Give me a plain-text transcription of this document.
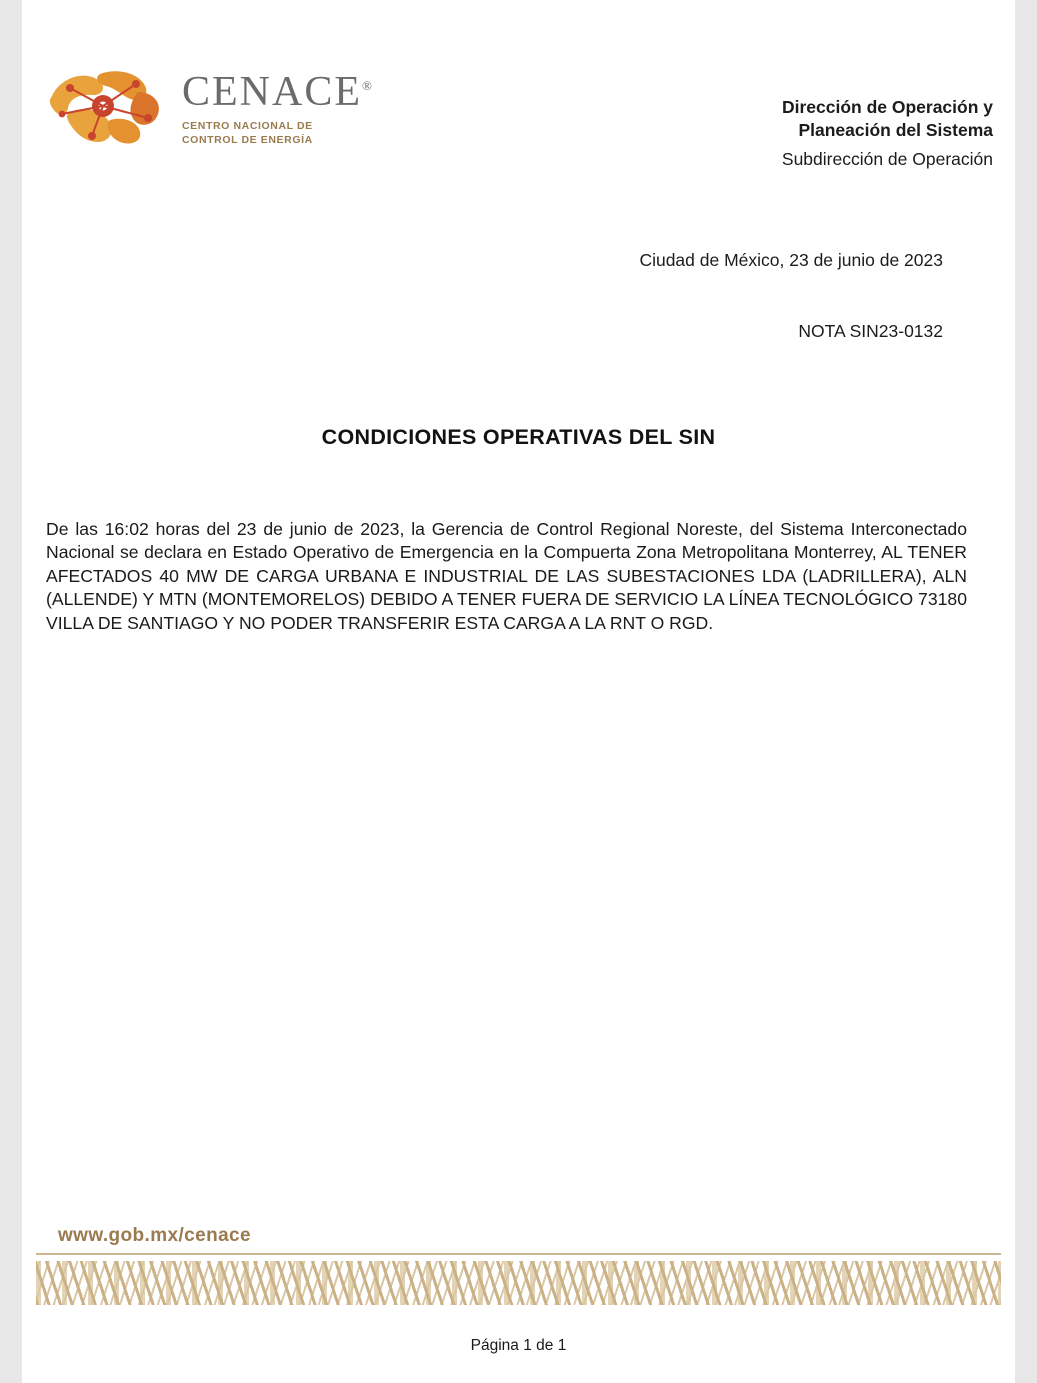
CENACE®
CENTRO NACIONAL DE
CONTROL DE ENERGÍA
Dirección de Operación y Planeación del Sistema
Subdirección de Operación
Ciudad de México, 23 de junio de 2023
NOTA SIN23-0132
CONDICIONES OPERATIVAS DEL SIN
De las 16:02 horas del 23 de junio de 2023, la Gerencia de Control Regional Noreste, del Sistema Interconectado Nacional se declara en Estado Operativo de Emergencia en la Compuerta Zona Metropolitana Monterrey, AL TENER AFECTADOS 40 MW DE CARGA URBANA E INDUSTRIAL DE LAS SUBESTACIONES LDA (LADRILLERA), ALN (ALLENDE) Y MTN (MONTEMORELOS) DEBIDO A TENER FUERA DE SERVICIO LA LÍNEA TECNOLÓGICO 73180 VILLA DE SANTIAGO Y NO PODER TRANSFERIR ESTA CARGA A LA RNT O RGD.
www.gob.mx/cenace
Página 1 de 1
